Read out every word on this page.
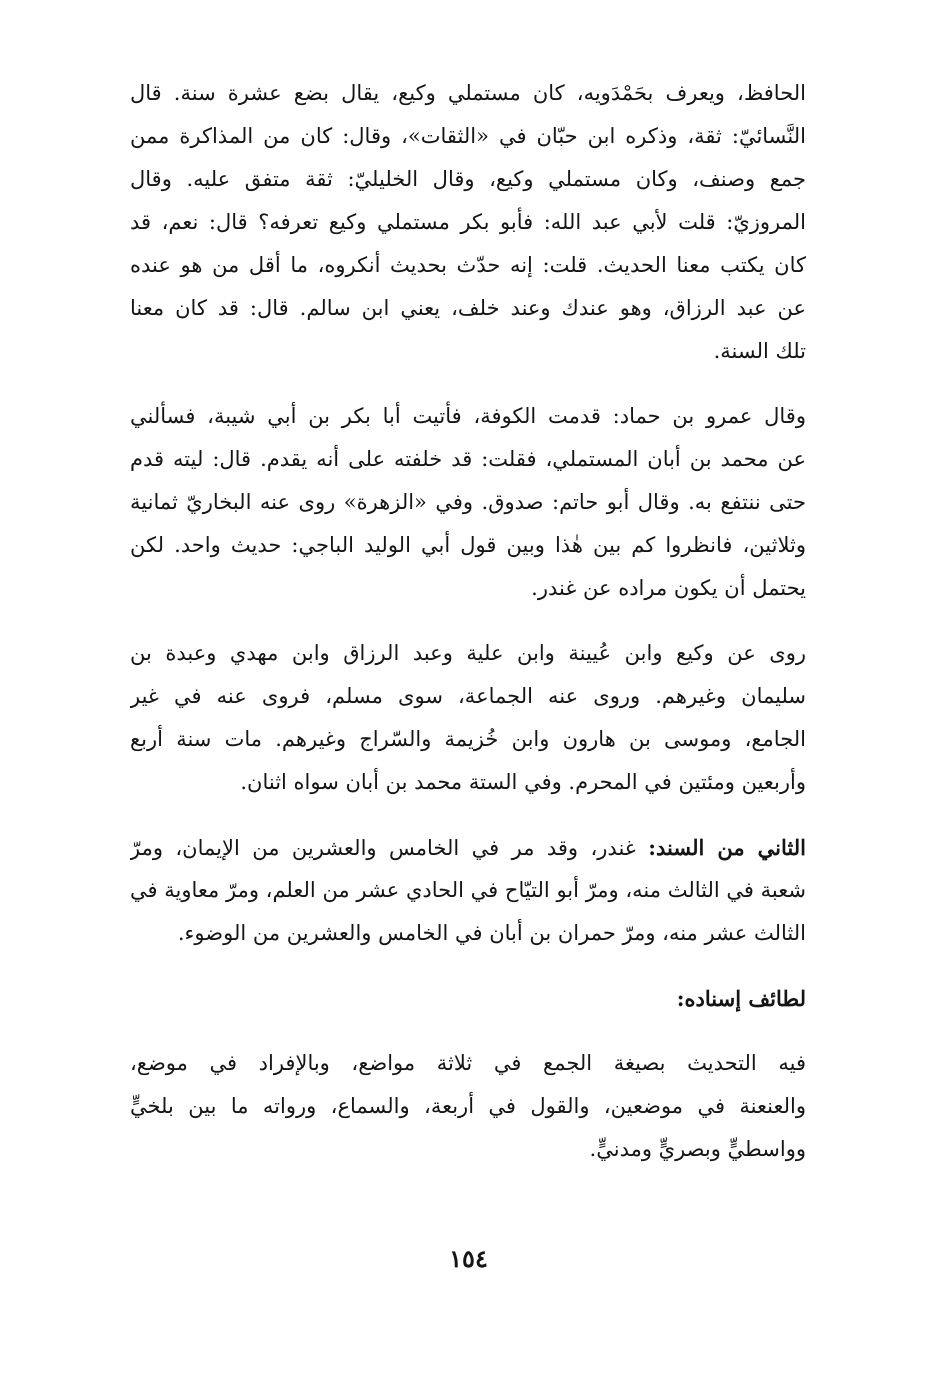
الحافظ، ويعرف بحَمْدَويه، كان مستملي وكيع، يقال بضع عشرة سنة. قال
النَّسائيّ: ثقة، وذكره ابن حبّان في «الثقات»، وقال: كان من المذاكرة ممن
جمع وصنف، وكان مستملي وكيع، وقال الخليليّ: ثقة متفق عليه. وقال
المروزيّ: قلت لأبي عبد الله: فأبو بكر مستملي وكيع تعرفه؟ قال: نعم، قد
كان يكتب معنا الحديث. قلت: إنه حدّث بحديث أنكروه، ما أقل من هو عنده
عن عبد الرزاق، وهو عندك وعند خلف، يعني ابن سالم. قال: قد كان معنا
تلك السنة.
وقال عمرو بن حماد: قدمت الكوفة، فأتيت أبا بكر بن أبي شيبة، فسألني
عن محمد بن أبان المستملي، فقلت: قد خلفته على أنه يقدم. قال: ليته قدم
حتى ننتفع به. وقال أبو حاتم: صدوق. وفي «الزهرة» روى عنه البخاريّ ثمانية
وثلاثين، فانظروا كم بين هٰذا وبين قول أبي الوليد الباجي: حديث واحد. لكن
يحتمل أن يكون مراده عن غندر.
روى عن وكيع وابن عُيينة وابن علية وعبد الرزاق وابن مهدي وعبدة بن
سليمان وغيرهم. وروى عنه الجماعة، سوى مسلم، فروى عنه في غير
الجامع، وموسى بن هارون وابن خُزيمة والسّراج وغيرهم. مات سنة أربع
وأربعين ومئتين في المحرم. وفي الستة محمد بن أبان سواه اثنان.
الثاني من السند: غندر، وقد مر في الخامس والعشرين من الإيمان، ومرّ
شعبة في الثالث منه، ومرّ أبو التيّاح في الحادي عشر من العلم، ومرّ معاوية في
الثالث عشر منه، ومرّ حمران بن أبان في الخامس والعشرين من الوضوء.
لطائف إسناده:
فيه التحديث بصيغة الجمع في ثلاثة مواضع، وبالإفراد في موضع،
والعنعنة في موضعين، والقول في أربعة، والسماع، ورواته ما بين بلخيٍّ
وواسطيٍّ وبصريٍّ ومدنيٍّ.
١٥٤
